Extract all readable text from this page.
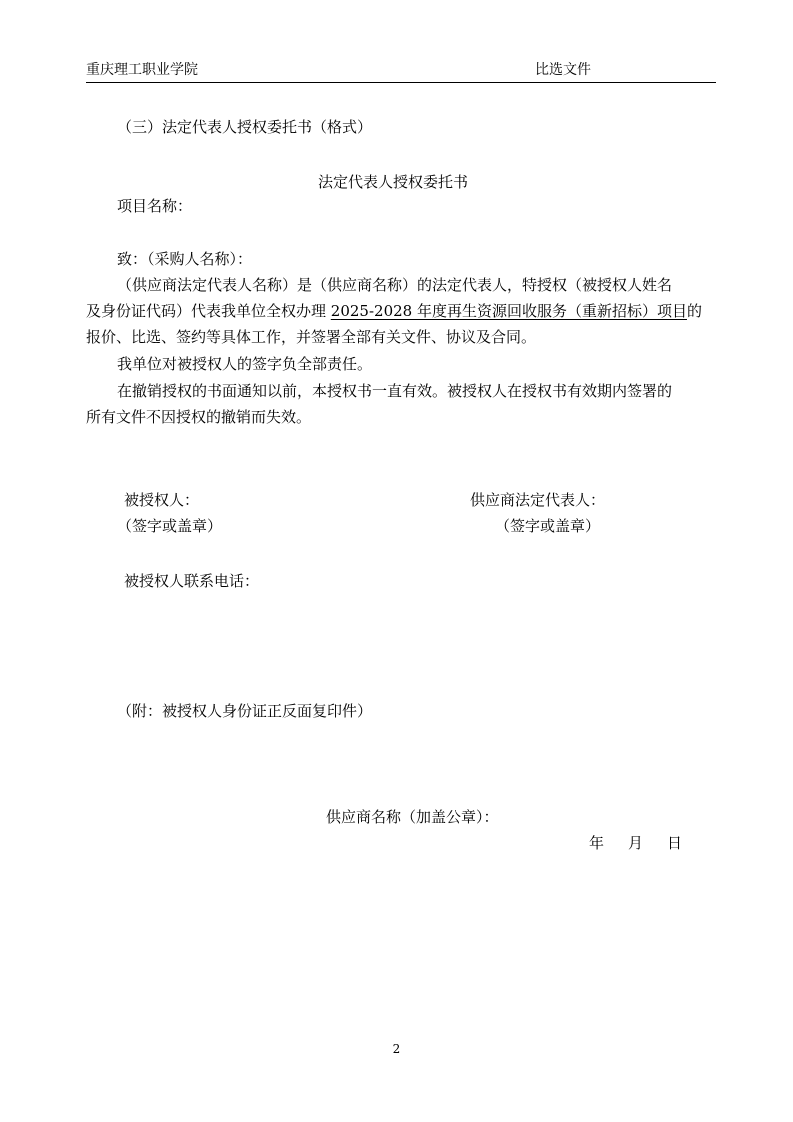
重庆理工职业学院	比选文件
（三）法定代表人授权委托书（格式）
法定代表人授权委托书
项目名称：
致：（采购人名称）：
（供应商法定代表人名称）是（供应商名称）的法定代表人，特授权（被授权人姓名
及身份证代码）代表我单位全权办理 2025-2028 年度再生资源回收服务（重新招标）项目的
报价、比选、签约等具体工作，并签署全部有关文件、协议及合同。
我单位对被授权人的签字负全部责任。
在撤销授权的书面通知以前，本授权书一直有效。被授权人在授权书有效期内签署的
所有文件不因授权的撤销而失效。
被授权人：	供应商法定代表人：
（签字或盖章）	（签字或盖章）
被授权人联系电话：
（附：被授权人身份证正反面复印件）
供应商名称（加盖公章）：
年 月 日
2
